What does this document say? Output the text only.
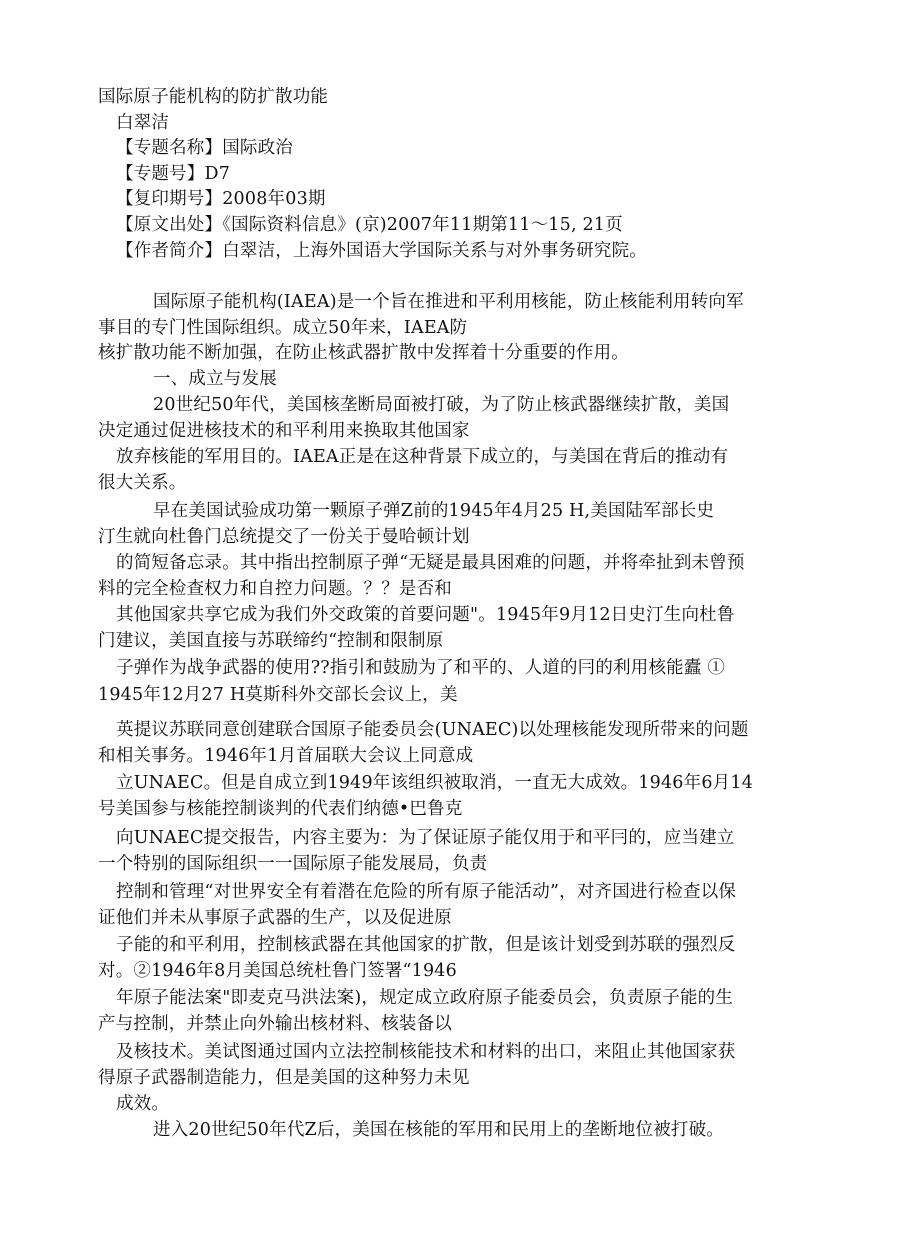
国际原子能机构的防扩散功能
白翠洁
【专题名称】国际政治
【专题号】D7
【复印期号】2008年03期
【原文出处】《国际资料信息》(京)2007年11期第11～15, 21页
【作者简介】白翠洁，上海外国语大学国际关系与对外事务研究院。
国际原子能机构(IAEA)是一个旨在推进和平利用核能，防止核能利用转向军
事目的专门性国际组织。成立50年来，IAEA防
核扩散功能不断加强，在防止核武器扩散中发挥着十分重要的作用。
一、成立与发展
20世纪50年代，美国核垄断局面被打破，为了防止核武器继续扩散，美国
决定通过促进核技术的和平利用来换取其他国家
放弃核能的军用目的。IAEA正是在这种背景下成立的，与美国在背后的推动有
很大关系。
早在美国试验成功第一颗原子弹Z前的1945年4月25 H,美国陆军部长史
汀生就向杜鲁门总统提交了一份关于曼哈顿计划
的简短备忘录。其中指出控制原子弹“无疑是最具困难的问题，并将牵扯到未曾预
料的完全检查权力和自控力问题。？？是否和
其他国家共享它成为我们外交政策的首要问题"。1945年9月12日史汀生向杜鲁
门建议，美国直接与苏联缔约“控制和限制原
子弹作为战争武器的使用??指引和鼓励为了和平的、人道的冃的利用核能蠹 ①
1945年12月27 H莫斯科外交部长会议上，美
英提议苏联同意创建联合国原子能委员会(UNAEC)以处理核能发现所带来的问题
和相关事务。1946年1月首届联大会议上同意成
立UNAEC。但是自成立到1949年该组织被取消，一直无大成效。1946年6月14
号美国参与核能控制谈判的代表们纳德•巴鲁克
向UNAEC提交报告，内容主要为：为了保证原子能仅用于和平冃的，应当建立
一个特别的国际组织一一国际原子能发展局，负责
控制和管理“对世界安全有着潜在危险的所有原子能活动”，对齐国进行检查以保
证他们并未从事原子武器的生产，以及促进原
子能的和平利用，控制核武器在其他国家的扩散，但是该计划受到苏联的强烈反
对。②1946年8月美国总统杜鲁门签署“1946
年原子能法案"即麦克马洪法案)，规定成立政府原子能委员会，负责原子能的生
产与控制，并禁止向外输出核材料、核装备以
及核技术。美试图通过国内立法控制核能技术和材料的出口，来阻止其他国家获
得原子武器制造能力，但是美国的这种努力未见
成效。
进入20世纪50年代Z后，美国在核能的军用和民用上的垄断地位被打破。
